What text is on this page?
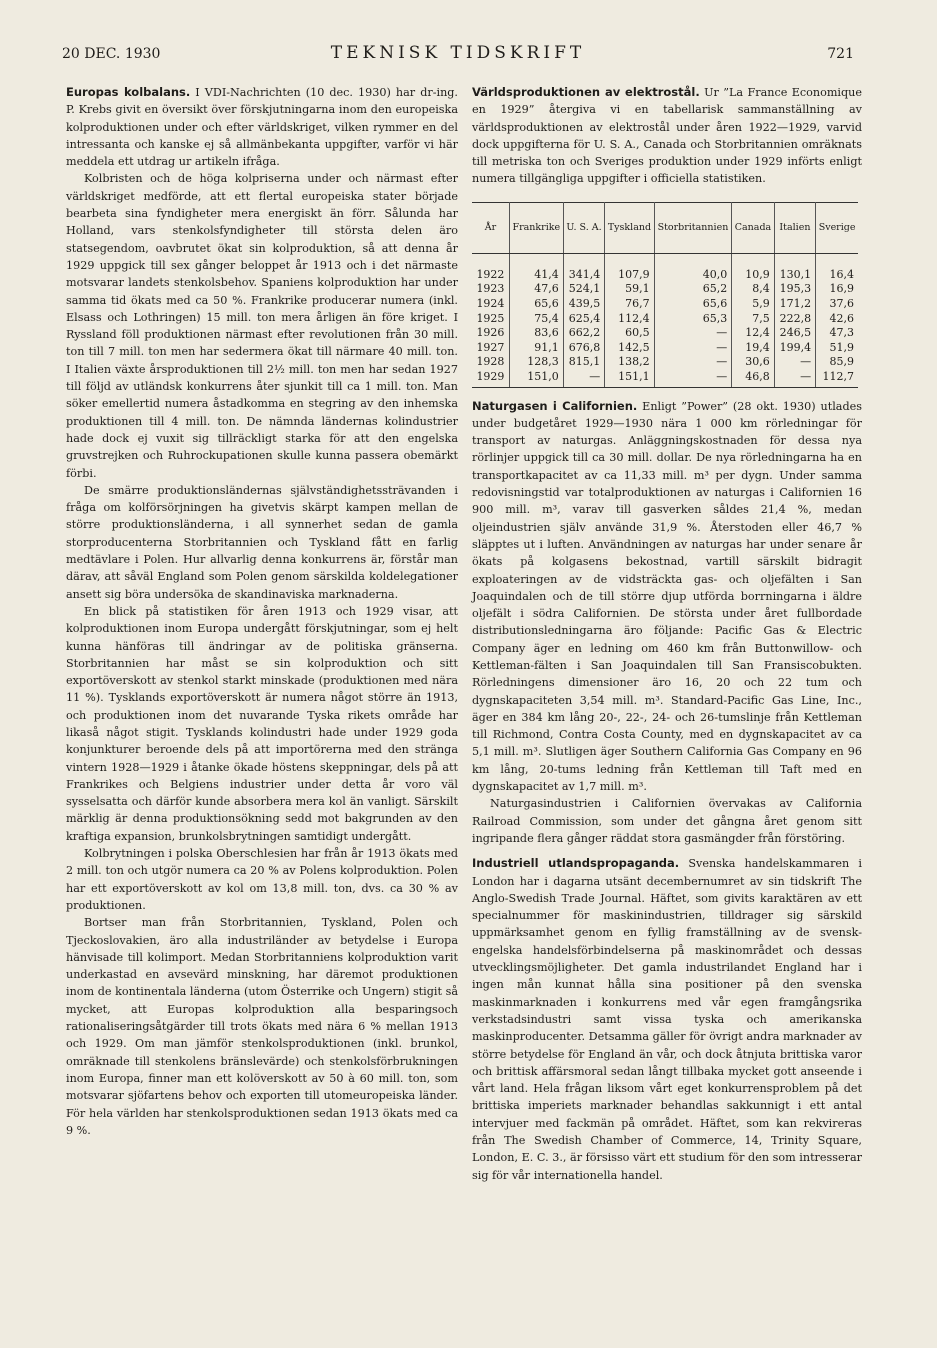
20 DEC. 1930	TEKNISK TIDSKRIFT	721

Europas kolbalans. I VDI-Nachrichten (10 dec. 1930) har dr-ing. P. Krebs givit en översikt över förskjutningarna inom den europeiska kolproduktionen under och efter världskriget, vilken rymmer en del intressanta och kanske ej så allmänbekanta uppgifter, varför vi här meddela ett utdrag ur artikeln ifråga.

Kolbristen och de höga kolpriserna under och närmast efter världskriget medförde, att ett flertal europeiska stater började bearbeta sina fyndigheter mera energiskt än förr. Sålunda har Holland, vars stenkolsfyndigheter till största delen äro statsegendom, oavbrutet ökat sin kolproduktion, så att denna år 1929 uppgick till sex gånger beloppet år 1913 och i det närmaste motsvarar landets stenkolsbehov. Spaniens kolproduktion har under samma tid ökats med ca 50 %. Frankrike producerar numera (inkl. Elsass och Lothringen) 15 mill. ton mera årligen än före kriget. I Ryssland föll produktionen närmast efter revolutionen från 30 mill. ton till 7 mill. ton men har sedermera ökat till närmare 40 mill. ton. I Italien växte årsproduktionen till 2½ mill. ton men har sedan 1927 till följd av utländsk konkurrens åter sjunkit till ca 1 mill. ton. Man söker emellertid numera åstadkomma en stegring av den inhemska produktionen till 4 mill. ton. De nämnda ländernas kolindustrier hade dock ej vuxit sig tillräckligt starka för att den engelska gruvstrejken och Ruhrockupationen skulle kunna passera obemärkt förbi.

De smärre produktionsländernas självständighetssträvanden i fråga om kolförsörjningen ha givetvis skärpt kampen mellan de större produktionsländerna, i all synnerhet sedan de gamla storproducenterna Storbritannien och Tyskland fått en farlig medtävlare i Polen. Hur allvarlig denna konkurrens är, förstår man därav, att såväl England som Polen genom särskilda koldelegationer ansett sig böra undersöka de skandinaviska marknaderna.

En blick på statistiken för åren 1913 och 1929 visar, att kolproduktionen inom Europa undergått förskjutningar, som ej helt kunna hänföras till ändringar av de politiska gränserna. Storbritannien har måst se sin kolproduktion och sitt exportöverskott av stenkol starkt minskade (produktionen med nära 11 %). Tysklands exportöverskott är numera något större än 1913, och produktionen inom det nuvarande Tyska rikets område har likaså något stigit. Tysklands kolindustri hade under 1929 goda konjunkturer beroende dels på att importörerna med den stränga vintern 1928—1929 i åtanke ökade höstens skeppningar, dels på att Frankrikes och Belgiens industrier under detta år voro väl sysselsatta och därför kunde absorbera mera kol än vanligt. Särskilt märklig är denna produktionsökning sedd mot bakgrunden av den kraftiga expansion, brunkolsbrytningen samtidigt undergått.

Kolbrytningen i polska Oberschlesien har från år 1913 ökats med 2 mill. ton och utgör numera ca 20 % av Polens kolproduktion. Polen har ett exportöverskott av kol om 13,8 mill. ton, dvs. ca 30 % av produktionen.

Bortser man från Storbritannien, Tyskland, Polen och Tjeckoslovakien, äro alla industriländer av betydelse i Europa hänvisade till kolimport. Medan Storbritanniens kolproduktion varit underkastad en avsevärd minskning, har däremot produktionen inom de kontinentala länderna (utom Österrike och Ungern) stigit så mycket, att Europas kolproduktion alla besparingsoch rationaliseringsåtgärder till trots ökats med nära 6 % mellan 1913 och 1929. Om man jämför stenkolsproduktionen (inkl. brunkol, omräknade till stenkolens bränslevärde) och stenkolsförbrukningen inom Europa, finner man ett kolöverskott av 50 à 60 mill. ton, som motsvarar sjöfartens behov och exporten till utomeuropeiska länder. För hela världen har stenkolsproduktionen sedan 1913 ökats med ca 9 %.

Världsproduktionen av elektrostål. Ur ”La France Economique en 1929” återgiva vi en tabellarisk sammanställning av världsproduktionen av elektrostål under åren 1922—1929, varvid dock uppgifterna för U. S. A., Canada och Storbritannien omräknats till metriska ton och Sveriges produktion under 1929 införts enligt numera tillgängliga uppgifter i officiella statistiken.

År	Frankrike	U. S. A.	Tyskland	Storbritannien	Canada	Italien	Sverige
1922	41,4	341,4	107,9	40,0	10,9	130,1	16,4
1923	47,6	524,1	59,1	65,2	8,4	195,3	16,9
1924	65,6	439,5	76,7	65,6	5,9	171,2	37,6
1925	75,4	625,4	112,4	65,3	7,5	222,8	42,6
1926	83,6	662,2	60,5	—	12,4	246,5	47,3
1927	91,1	676,8	142,5	—	19,4	199,4	51,9
1928	128,3	815,1	138,2	—	30,6	—	85,9
1929	151,0	—	151,1	—	46,8	—	112,7

Naturgasen i Californien. Enligt ”Power” (28 okt. 1930) utlades under budgetåret 1929—1930 nära 1 000 km rörledningar för transport av naturgas. Anläggningskostnaden för dessa nya rörlinjer uppgick till ca 30 mill. dollar. De nya rörledningarna ha en transportkapacitet av ca 11,33 mill. m³ per dygn. Under samma redovisningstid var totalproduktionen av naturgas i Californien 16 900 mill. m³, varav till gasverken såldes 21,4 %, medan oljeindustrien själv använde 31,9 %. Återstoden eller 46,7 % släpptes ut i luften. Användningen av naturgas har under senare år ökats på kolgasens bekostnad, vartill särskilt bidragit exploateringen av de vidsträckta gas- och oljefälten i San Joaquindalen och de till större djup utförda borrningarna i äldre oljefält i södra Californien. De största under året fullbordade distributionsledningarna äro följande: Pacific Gas & Electric Company äger en ledning om 460 km från Buttonwillow- och Kettleman-fälten i San Joaquindalen till San Fransiscobukten. Rörledningens dimensioner äro 16, 20 och 22 tum och dygnskapaciteten 3,54 mill. m³. Standard-Pacific Gas Line, Inc., äger en 384 km lång 20-, 22-, 24- och 26-tumslinje från Kettleman till Richmond, Contra Costa County, med en dygnskapacitet av ca 5,1 mill. m³. Slutligen äger Southern California Gas Company en 96 km lång, 20-tums ledning från Kettleman till Taft med en dygnskapacitet av 1,7 mill. m³.

Naturgasindustrien i Californien övervakas av California Railroad Commission, som under det gångna året genom sitt ingripande flera gånger räddat stora gasmängder från förstöring.

Industriell utlandspropaganda. Svenska handelskammaren i London har i dagarna utsänt decembernumret av sin tidskrift The Anglo-Swedish Trade Journal. Häftet, som givits karaktären av ett specialnummer för maskinindustrien, tilldrager sig särskild uppmärksamhet genom en fyllig framställning av de svensk-engelska handelsförbindelserna på maskinområdet och dessas utvecklingsmöjligheter. Det gamla industrilandet England har i ingen mån kunnat hålla sina positioner på den svenska maskinmarknaden i konkurrens med vår egen framgångsrika verkstadsindustri samt vissa tyska och amerikanska maskinproducenter. Detsamma gäller för övrigt andra marknader av större betydelse för England än vår, och dock åtnjuta brittiska varor och brittisk affärsmoral sedan långt tillbaka mycket gott anseende i vårt land. Hela frågan liksom vårt eget konkurrensproblem på det brittiska imperiets marknader behandlas sakkunnigt i ett antal intervjuer med fackmän på området. Häftet, som kan rekvireras från The Swedish Chamber of Commerce, 14, Trinity Square, London, E. C. 3., är försisso värt ett studium för den som intresserar sig för vår internationella handel.
